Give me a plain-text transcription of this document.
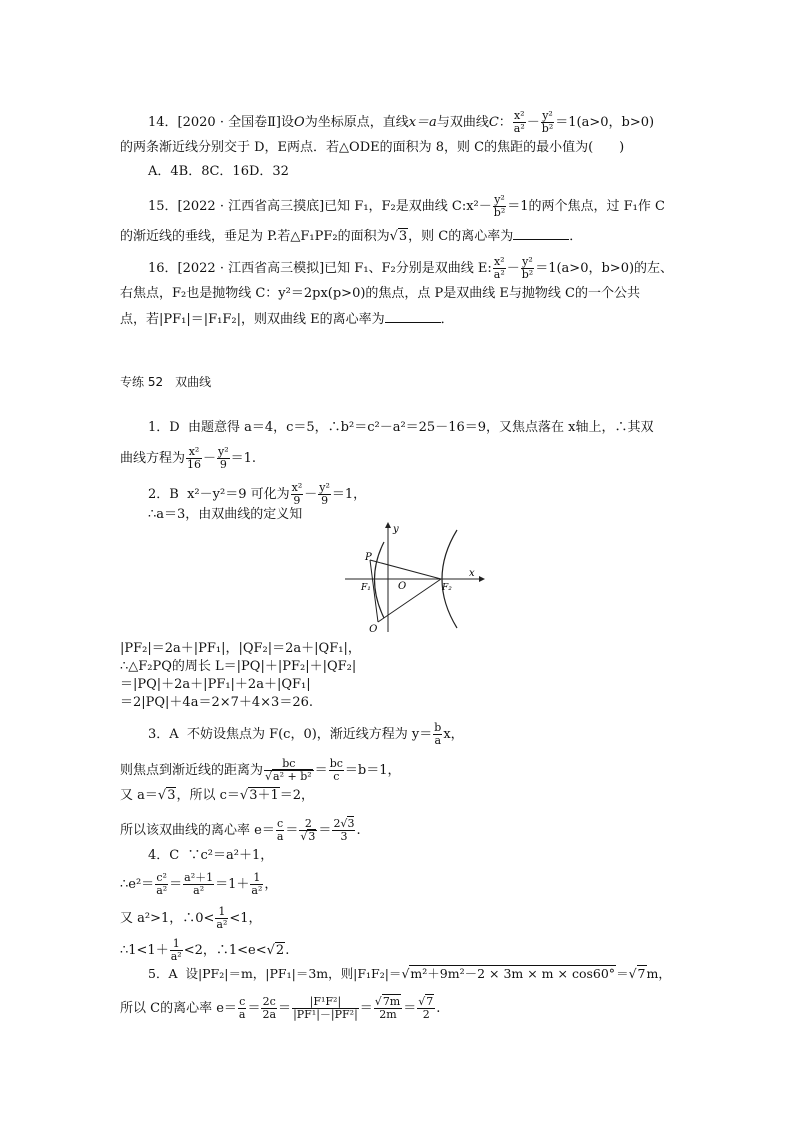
14．[2020 · 全国卷Ⅱ]设O为坐标原点，直线x＝a与双曲线C： $\frac{\text{x²}}{\text{a²}} - \frac{\text{y²}}{\text{b²}} =1(a>0$，b>0)
的两条渐近线分别交于 D，E两点．若△ODE的面积为 8，则 C的焦距的最小值为(　　)
A．4B．8C．16D．32
15．[2022 · 江西省高三摸底]已知 F₁，F₂是双曲线 C:x²－ $\frac{\text{y²}}{\text{b²}} =1$的两个焦点，过 F₁作 C
的渐近线的垂线，垂足为 P.若△F₁PF₂的面积为√3，则 C的离心率为	．
16．[2022 · 江西省高三模拟]已知 F₁、F₂分别是双曲线 E: $\frac{\text{x²}}{\text{a²}} - \frac{\text{y²}}{\text{b²}} =1(a>0$，b>0)的左、
右焦点，F₂也是抛物线 C：y²＝2px(p>0)的焦点，点 P是双曲线 E与抛物线 C的一个公共
点，若|PF₁|＝|F₁F₂|，则双曲线 E的离心率为	．
专练 52　双曲线
1．D 由题意得 a＝4，c＝5，∴b²＝c²－a²＝25－16＝9，又焦点落在 x轴上，∴其双
曲线方程为 $\frac{\text{x²}}{16} - \frac{\text{y²}}{9} =1$.
2．B x²－y²＝9 可化为 $\frac{\text{x²}}{9} - \frac{\text{y²}}{9} =1$，
∴a＝3，由双曲线的定义知
y
x
P
O
F₁	F₂
Q
|PF₂|＝2a＋|PF₁|，|QF₂|＝2a＋|QF₁|，
∴△F₂PQ的周长 L＝|PQ|＋|PF₂|＋|QF₂|
＝|PQ|＋2a＋|PF₁|＋2a＋|QF₁|
＝2|PQ|＋4a＝2×7＋4×3＝26.
3．A 不妨设焦点为 F(c，0)，渐近线方程为 $y= \frac{b}{a}$ x，
则焦点到渐近线的距离为 $\frac{bc}{\text{√a² + b²}} = \frac{bc}{c} =b=1$，
又 a＝√3，所以 c＝√3＋1＝2，
所以该双曲线的离心率 $e= \frac{c}{a} = \frac{2}{√3} = \frac{2√3}{3}$ .
4．C ∵c²＝a²＋1，
∴e²＝ $\frac{\text{c²}}{\text{a²}} = \frac{\text{a²＋1}}{\text{a²}} =1+ \frac{1}{\text{a²}}$ ，
又 a²>1，∴0< $\frac{1}{\text{a²}} <1$，
∴1<1＋ $\frac{1}{\text{a²}} <2$，∴1<e<√2.
5．A 设|PF₂|＝m，|PF₁|＝3m，则|F₁F₂|＝√m²＋9m²－2 × 3m × m × cos60°＝√7m，
所以 C的离心率 $e= \frac{c}{a} = \frac{2c}{2a} = \frac{\text{|F¹F²|}}{\text{|PF¹|－|PF²|}} = \frac{√7m}{2m} = \frac{√7}{2}$ .
